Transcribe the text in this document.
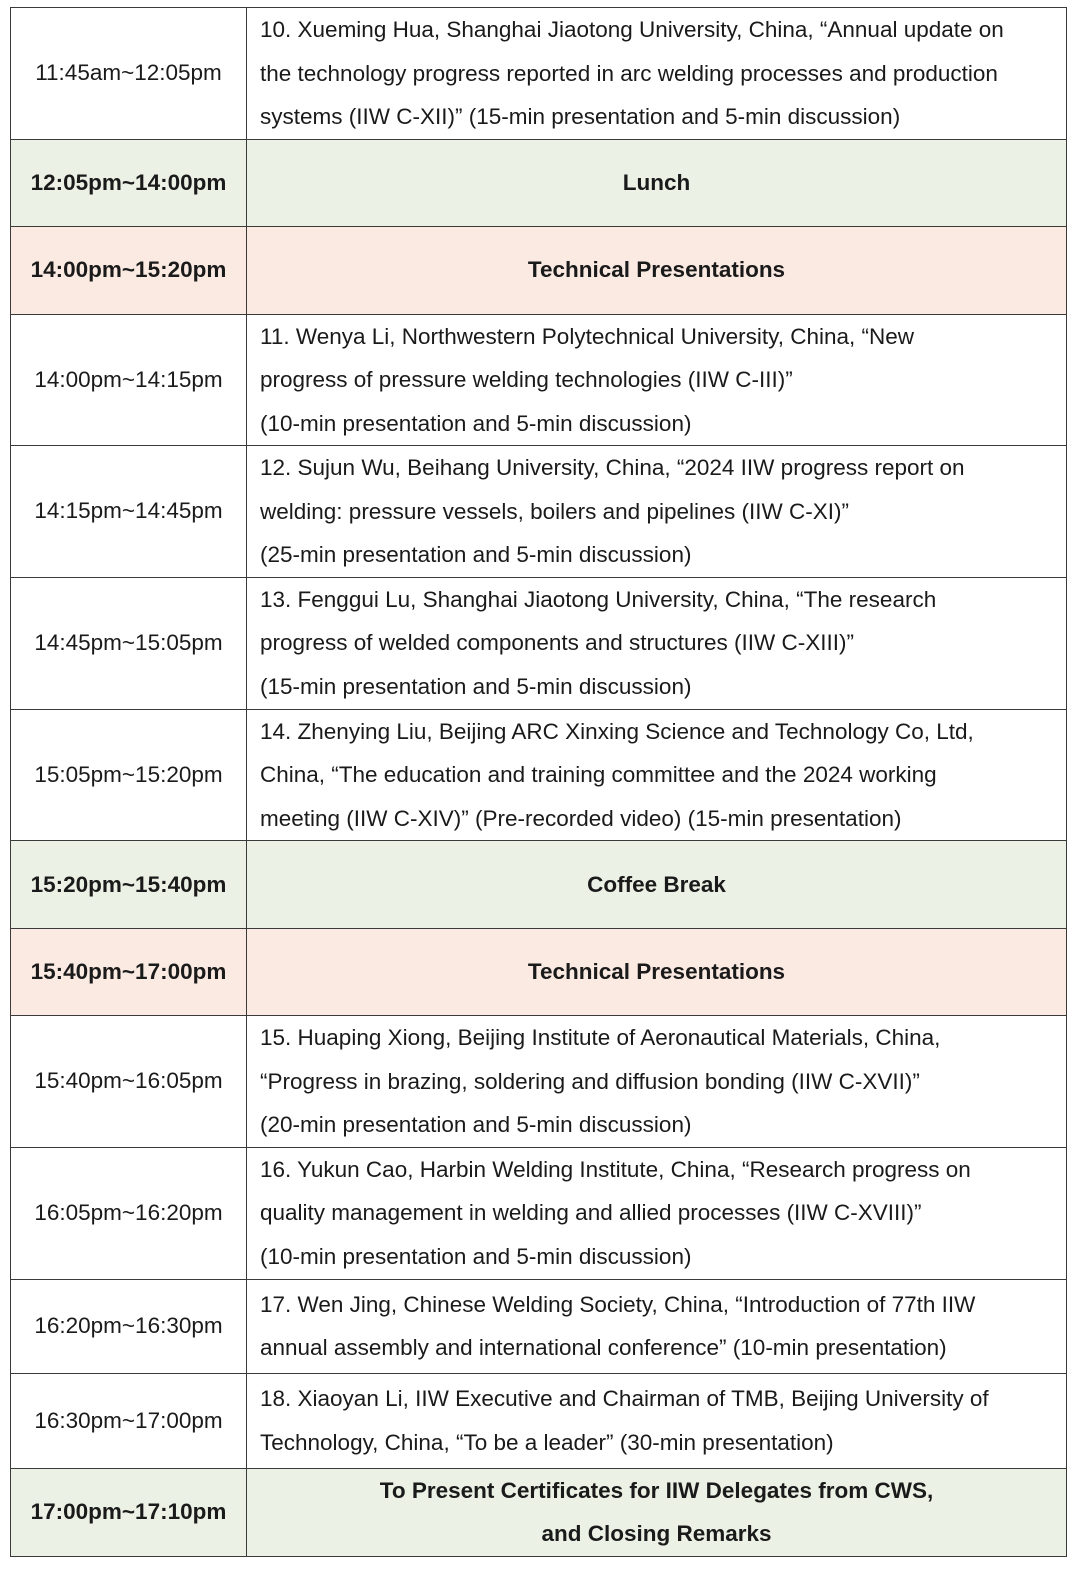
11:45am~12:05pm	10. Xueming Hua, Shanghai Jiaotong University, China, “Annual update on
the technology progress reported in arc welding processes and production
systems (IIW C-XII)” (15-min presentation and 5-min discussion)

12:05pm~14:00pm	Lunch

14:00pm~15:20pm	Technical Presentations

14:00pm~14:15pm	11. Wenya Li, Northwestern Polytechnical University, China, “New
progress of pressure welding technologies (IIW C-III)”
(10-min presentation and 5-min discussion)

14:15pm~14:45pm	12. Sujun Wu, Beihang University, China, “2024 IIW progress report on
welding: pressure vessels, boilers and pipelines (IIW C-XI)”
(25-min presentation and 5-min discussion)

14:45pm~15:05pm	13. Fenggui Lu, Shanghai Jiaotong University, China, “The research
progress of welded components and structures (IIW C-XIII)”
(15-min presentation and 5-min discussion)

15:05pm~15:20pm	14. Zhenying Liu, Beijing ARC Xinxing Science and Technology Co, Ltd,
China, “The education and training committee and the 2024 working
meeting (IIW C-XIV)” (Pre-recorded video) (15-min presentation)

15:20pm~15:40pm	Coffee Break

15:40pm~17:00pm	Technical Presentations

15:40pm~16:05pm	15. Huaping Xiong, Beijing Institute of Aeronautical Materials, China,
“Progress in brazing, soldering and diffusion bonding (IIW C-XVII)”
(20-min presentation and 5-min discussion)

16:05pm~16:20pm	16. Yukun Cao, Harbin Welding Institute, China, “Research progress on
quality management in welding and allied processes (IIW C-XVIII)”
(10-min presentation and 5-min discussion)

16:20pm~16:30pm	17. Wen Jing, Chinese Welding Society, China, “Introduction of 77th IIW
annual assembly and international conference” (10-min presentation)

16:30pm~17:00pm	18. Xiaoyan Li, IIW Executive and Chairman of TMB, Beijing University of
Technology, China, “To be a leader” (30-min presentation)

17:00pm~17:10pm	To Present Certificates for IIW Delegates from CWS,
and Closing Remarks
